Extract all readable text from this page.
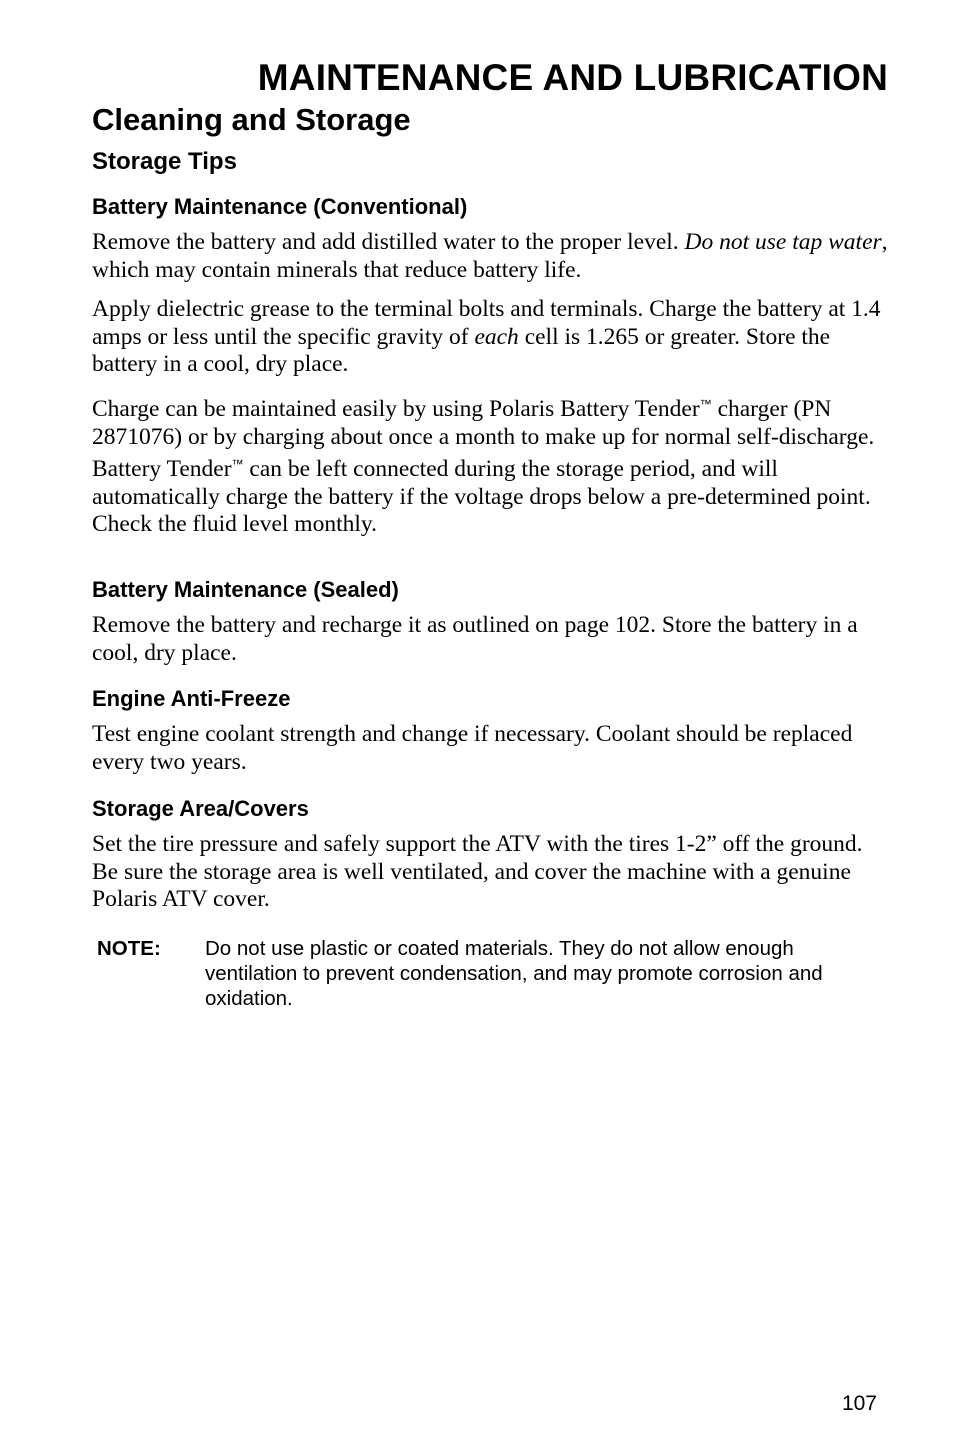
MAINTENANCE AND LUBRICATION
Cleaning and Storage
Storage Tips
Battery Maintenance (Conventional)

Remove the battery and add distilled water to the proper level. Do not use tap water, which may contain minerals that reduce battery life.

Apply dielectric grease to the terminal bolts and terminals. Charge the battery at 1.4 amps or less until the specific gravity of each cell is 1.265 or greater. Store the battery in a cool, dry place.

Charge can be maintained easily by using Polaris Battery Tender™ charger (PN 2871076) or by charging about once a month to make up for normal self-discharge. Battery Tender™ can be left connected during the storage period, and will automatically charge the battery if the voltage drops below a pre-determined point. Check the fluid level monthly.

Battery Maintenance (Sealed)
Remove the battery and recharge it as outlined on page 102. Store the battery in a cool, dry place.
Engine Anti-Freeze
Test engine coolant strength and change if necessary. Coolant should be replaced every two years.
Storage Area/Covers
Set the tire pressure and safely support the ATV with the tires 1-2” off the ground. Be sure the storage area is well ventilated, and cover the machine with a genuine Polaris ATV cover.
NOTE: Do not use plastic or coated materials. They do not allow enough ventilation to prevent condensation, and may promote corrosion and oxidation.
107
